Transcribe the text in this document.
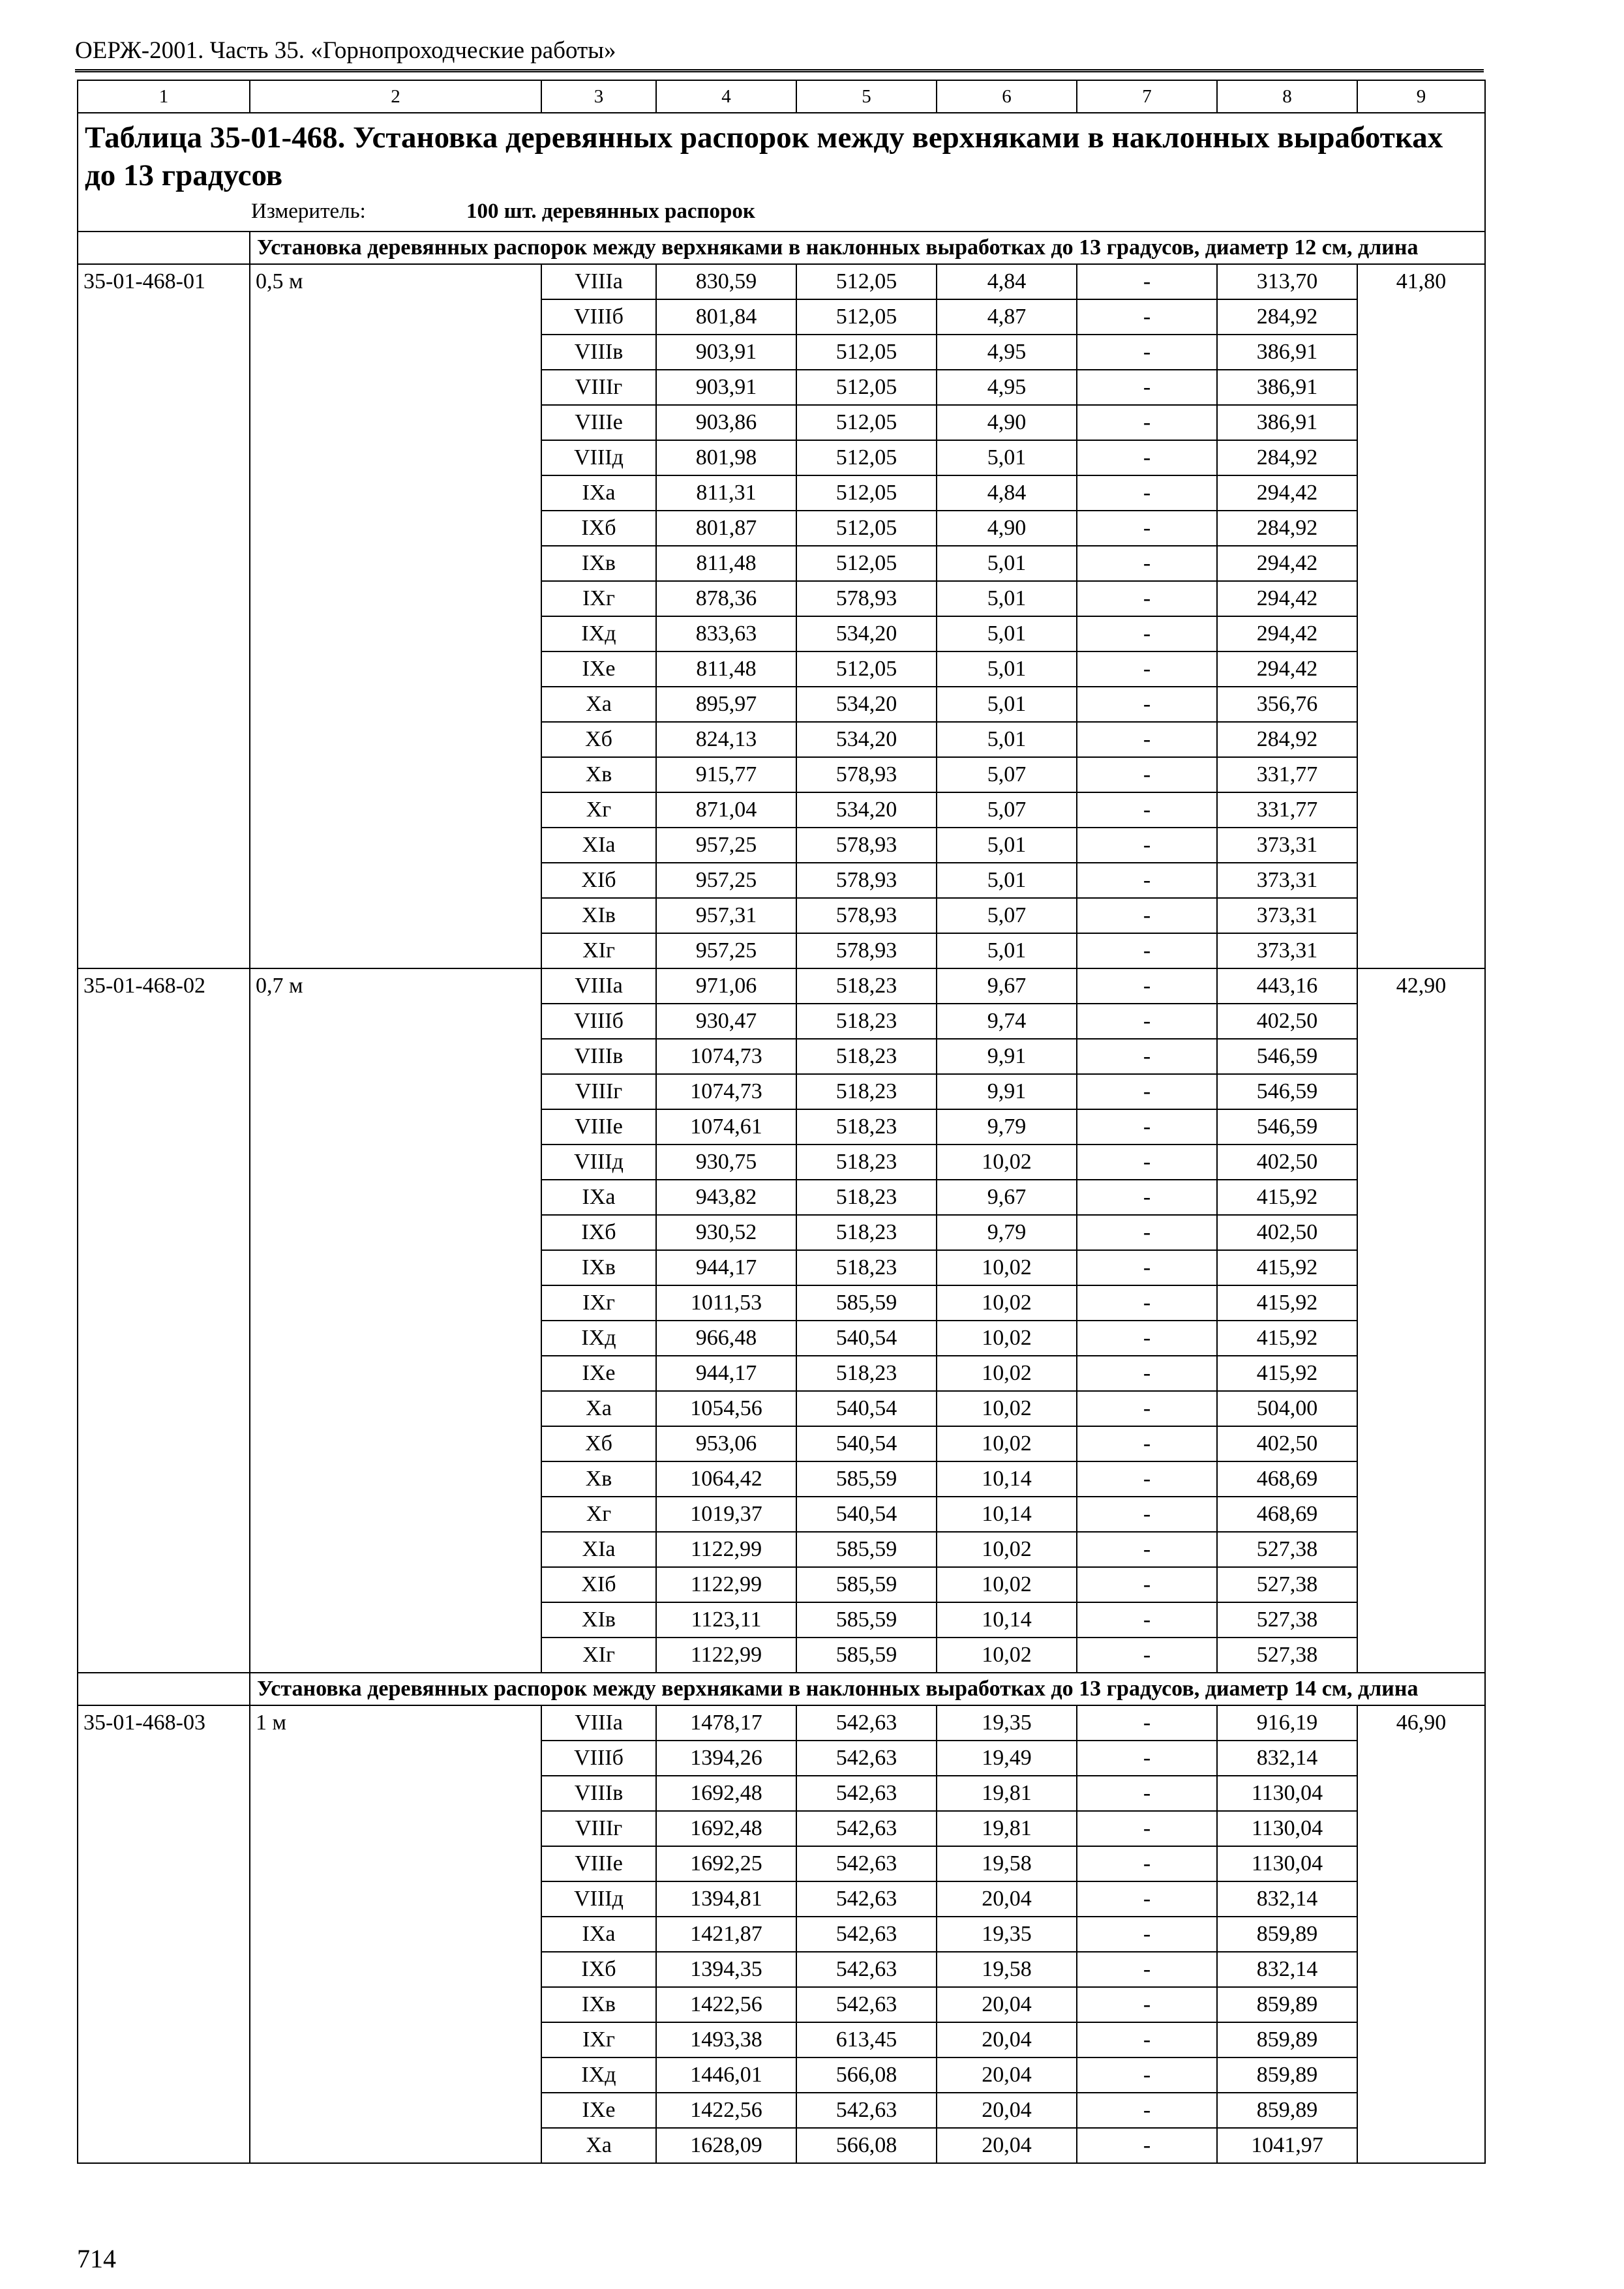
ОЕРЖ-2001. Часть 35. «Горнопроходческие работы»
1	2	3	4	5	6	7	8	9

Таблица 35-01-468. Установка деревянных распорок между верхняками в наклонных выработках до 13 градусов
Измеритель: 100 шт. деревянных распорок								

	Установка деревянных распорок между верхняками в наклонных выработках до 13 градусов, диаметр 12 см, длина							
35-01-468-01	0,5 м	VIIIа	830,59	512,05	4,84	-	313,70	41,80
		VIIIб	801,84	512,05	4,87	-	284,92	
		VIIIв	903,91	512,05	4,95	-	386,91	
		VIIIг	903,91	512,05	4,95	-	386,91	
		VIIIе	903,86	512,05	4,90	-	386,91	
		VIIIд	801,98	512,05	5,01	-	284,92	
		IXа	811,31	512,05	4,84	-	294,42	
		IXб	801,87	512,05	4,90	-	284,92	
		IXв	811,48	512,05	5,01	-	294,42	
		IXг	878,36	578,93	5,01	-	294,42	
		IXд	833,63	534,20	5,01	-	294,42	
		IXе	811,48	512,05	5,01	-	294,42	
		Xа	895,97	534,20	5,01	-	356,76	
		Xб	824,13	534,20	5,01	-	284,92	
		Xв	915,77	578,93	5,07	-	331,77	
		Xг	871,04	534,20	5,07	-	331,77	
		XIа	957,25	578,93	5,01	-	373,31	
		XIб	957,25	578,93	5,01	-	373,31	
		XIв	957,31	578,93	5,07	-	373,31	
		XIг	957,25	578,93	5,01	-	373,31	
35-01-468-02	0,7 м	VIIIа	971,06	518,23	9,67	-	443,16	42,90
		VIIIб	930,47	518,23	9,74	-	402,50	
		VIIIв	1074,73	518,23	9,91	-	546,59	
		VIIIг	1074,73	518,23	9,91	-	546,59	
		VIIIе	1074,61	518,23	9,79	-	546,59	
		VIIIд	930,75	518,23	10,02	-	402,50	
		IXа	943,82	518,23	9,67	-	415,92	
		IXб	930,52	518,23	9,79	-	402,50	
		IXв	944,17	518,23	10,02	-	415,92	
		IXг	1011,53	585,59	10,02	-	415,92	
		IXд	966,48	540,54	10,02	-	415,92	
		IXе	944,17	518,23	10,02	-	415,92	
		Xа	1054,56	540,54	10,02	-	504,00	
		Xб	953,06	540,54	10,02	-	402,50	
		Xв	1064,42	585,59	10,14	-	468,69	
		Xг	1019,37	540,54	10,14	-	468,69	
		XIа	1122,99	585,59	10,02	-	527,38	
		XIб	1122,99	585,59	10,02	-	527,38	
		XIв	1123,11	585,59	10,14	-	527,38	
		XIг	1122,99	585,59	10,02	-	527,38	
	Установка деревянных распорок между верхняками в наклонных выработках до 13 градусов, диаметр 14 см, длина							
35-01-468-03	1 м	VIIIа	1478,17	542,63	19,35	-	916,19	46,90
		VIIIб	1394,26	542,63	19,49	-	832,14	
		VIIIв	1692,48	542,63	19,81	-	1130,04	
		VIIIг	1692,48	542,63	19,81	-	1130,04	
		VIIIе	1692,25	542,63	19,58	-	1130,04	
		VIIIд	1394,81	542,63	20,04	-	832,14	
		IXа	1421,87	542,63	19,35	-	859,89	
		IXб	1394,35	542,63	19,58	-	832,14	
		IXв	1422,56	542,63	20,04	-	859,89	
		IXг	1493,38	613,45	20,04	-	859,89	
		IXд	1446,01	566,08	20,04	-	859,89	
		IXе	1422,56	542,63	20,04	-	859,89	
		Xа	1628,09	566,08	20,04	-	1041,97	
714
